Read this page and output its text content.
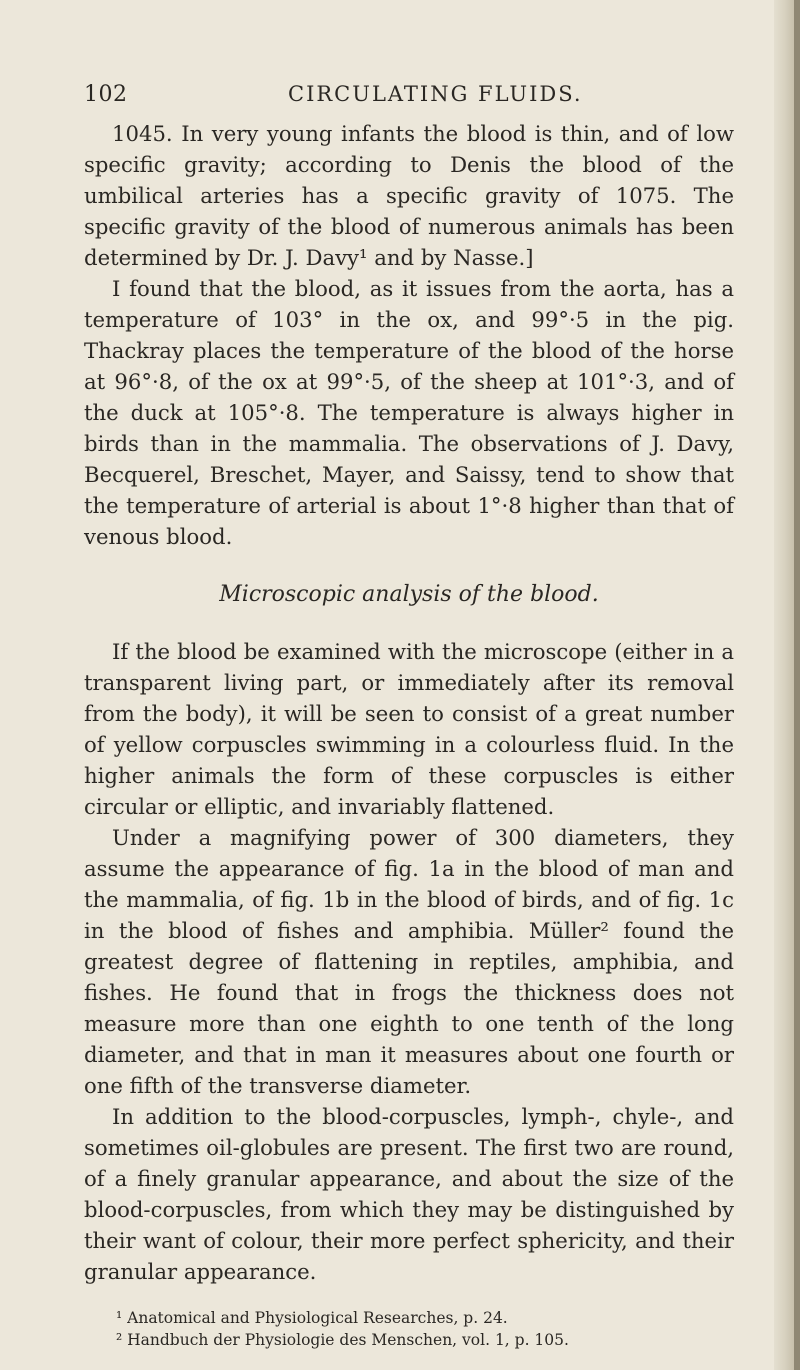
102	CIRCULATING FLUIDS.

1045. In very young infants the blood is thin, and of low specific gravity; according to Denis the blood of the umbilical arteries has a specific gravity of 1075. The specific gravity of the blood of numerous animals has been determined by Dr. J. Davy¹ and by Nasse.]

I found that the blood, as it issues from the aorta, has a temperature of 103° in the ox, and 99°·5 in the pig. Thackray places the temperature of the blood of the horse at 96°·8, of the ox at 99°·5, of the sheep at 101°·3, and of the duck at 105°·8. The temperature is always higher in birds than in the mammalia. The observations of J. Davy, Becquerel, Breschet, Mayer, and Saissy, tend to show that the temperature of arterial is about 1°·8 higher than that of venous blood.

Microscopic analysis of the blood.

If the blood be examined with the microscope (either in a transparent living part, or immediately after its removal from the body), it will be seen to consist of a great number of yellow corpuscles swimming in a colourless fluid. In the higher animals the form of these corpuscles is either circular or elliptic, and invariably flattened.

Under a magnifying power of 300 diameters, they assume the appearance of fig. 1a in the blood of man and the mammalia, of fig. 1b in the blood of birds, and of fig. 1c in the blood of fishes and amphibia. Müller² found the greatest degree of flattening in reptiles, amphibia, and fishes. He found that in frogs the thickness does not measure more than one eighth to one tenth of the long diameter, and that in man it measures about one fourth or one fifth of the transverse diameter.

In addition to the blood-corpuscles, lymph-, chyle-, and sometimes oil-globules are present. The first two are round, of a finely granular appearance, and about the size of the blood-corpuscles, from which they may be distinguished by their want of colour, their more perfect sphericity, and their granular appearance.

¹ Anatomical and Physiological Researches, p. 24.
² Handbuch der Physiologie des Menschen, vol. 1, p. 105.
